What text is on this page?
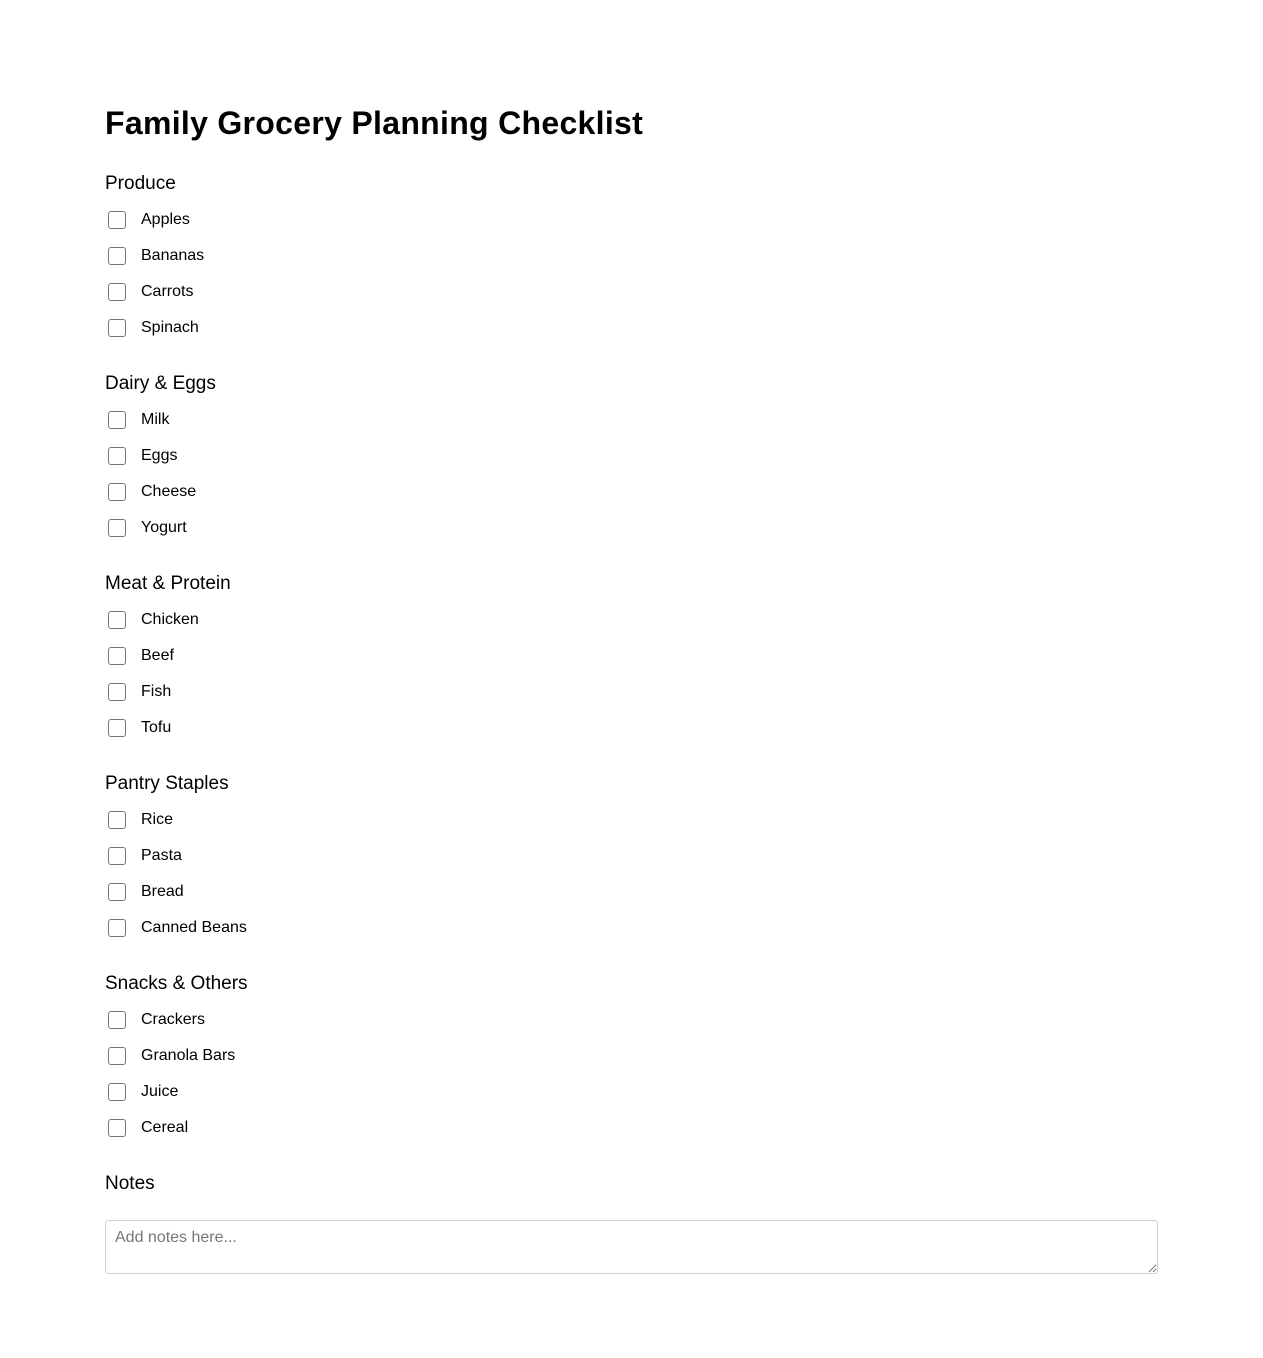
Family Grocery Planning Checklist
Produce
Apples
Bananas
Carrots
Spinach
Dairy & Eggs
Milk
Eggs
Cheese
Yogurt
Meat & Protein
Chicken
Beef
Fish
Tofu
Pantry Staples
Rice
Pasta
Bread
Canned Beans
Snacks & Others
Crackers
Granola Bars
Juice
Cereal
Notes
Add notes here...
